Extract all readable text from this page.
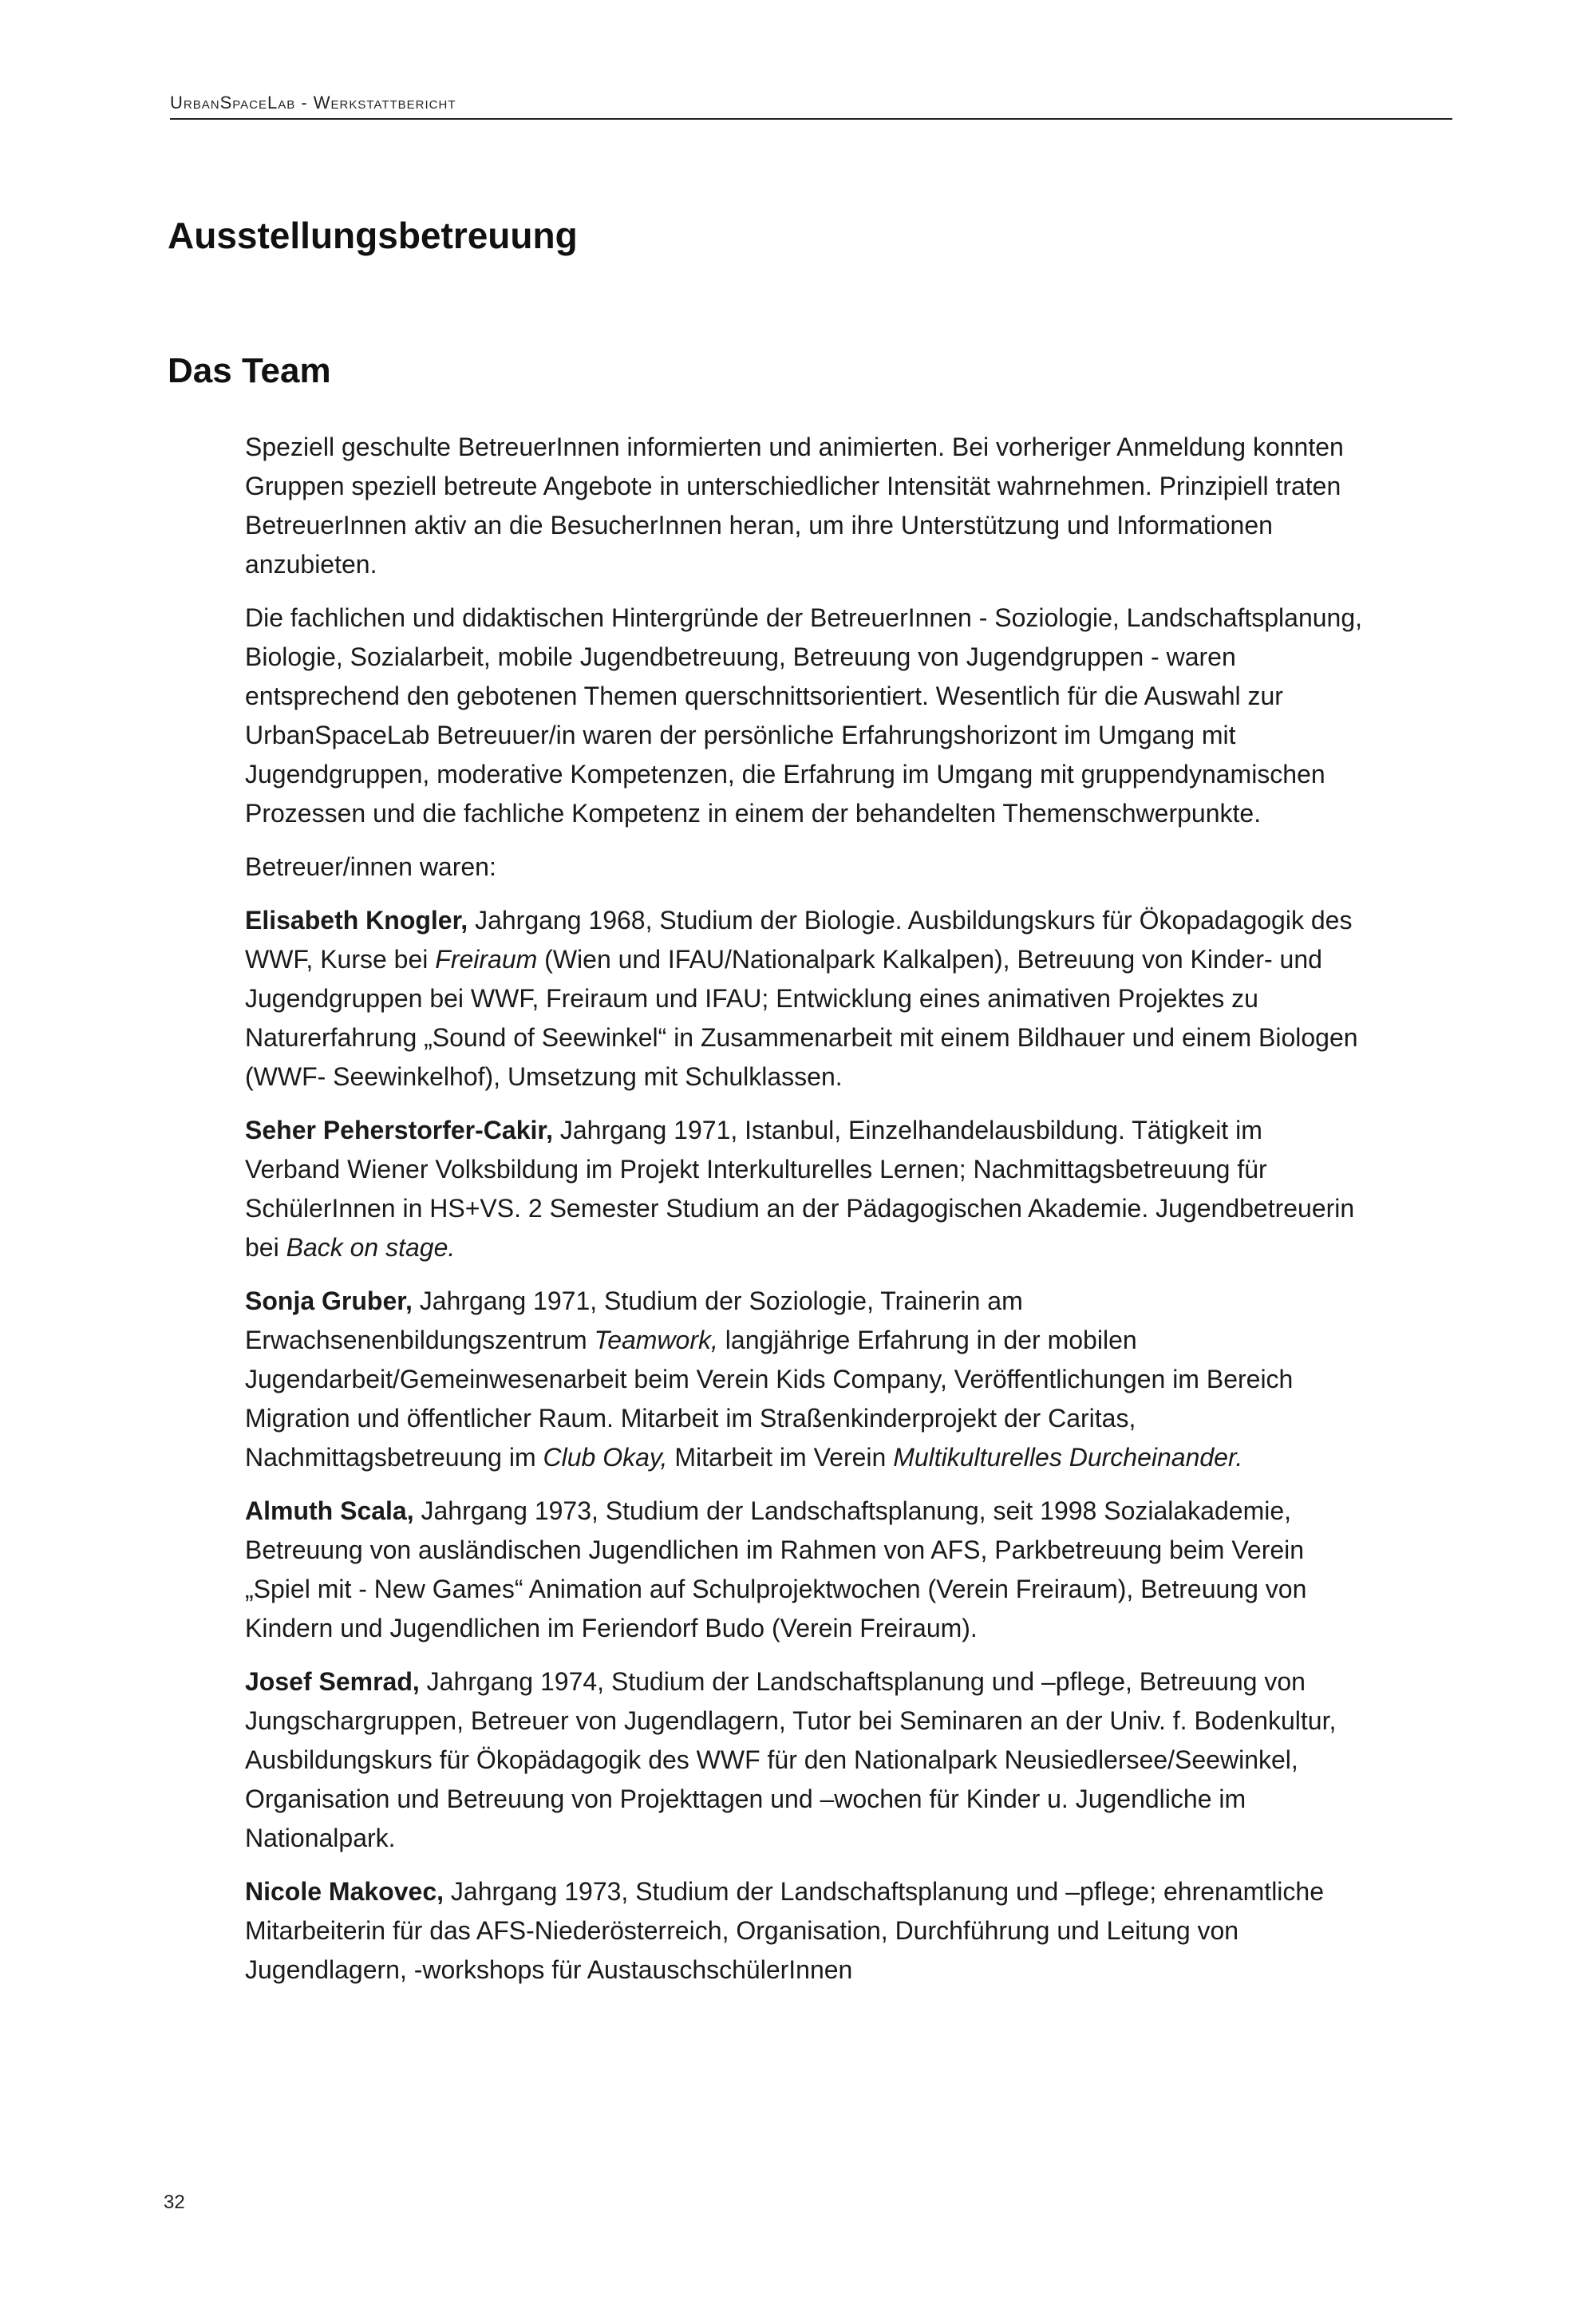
UrbanSpaceLab - Werkstattbericht
Ausstellungsbetreuung
Das Team

Speziell geschulte BetreuerInnen informierten und animierten. Bei vorheriger Anmeldung konnten Gruppen speziell betreute Angebote in unterschiedlicher Intensität wahrnehmen. Prinzipiell traten BetreuerInnen aktiv an die BesucherInnen heran, um ihre Unterstützung und Informationen anzubieten.

Die fachlichen und didaktischen Hintergründe der BetreuerInnen - Soziologie, Landschaftsplanung, Biologie, Sozialarbeit, mobile Jugendbetreuung, Betreuung von Jugendgruppen - waren entsprechend den gebotenen Themen querschnittsorientiert. Wesentlich für die Auswahl zur UrbanSpaceLab Betreuuer/in waren der persönliche Erfahrungshorizont im Umgang mit Jugendgruppen, moderative Kompetenzen, die Erfahrung im Umgang mit gruppendynamischen Prozessen und die fachliche Kompetenz in einem der behandelten Themenschwerpunkte.

Betreuer/innen waren:

Elisabeth Knogler, Jahrgang 1968, Studium der Biologie. Ausbildungskurs für Ökopadagogik des WWF, Kurse bei Freiraum (Wien und IFAU/Nationalpark Kalkalpen), Betreuung von Kinder- und Jugendgruppen bei WWF, Freiraum und IFAU; Entwicklung eines animativen Projektes zu Naturerfahrung „Sound of Seewinkel“ in Zusammenarbeit mit einem Bildhauer und einem Biologen (WWF- Seewinkelhof), Umsetzung mit Schulklassen.

Seher Peherstorfer-Cakir, Jahrgang 1971, Istanbul, Einzelhandelausbildung. Tätigkeit im Verband Wiener Volksbildung im Projekt Interkulturelles Lernen; Nachmittagsbetreuung für SchülerInnen in HS+VS. 2 Semester Studium an der Pädagogischen Akademie. Jugendbetreuerin bei Back on stage.

Sonja Gruber, Jahrgang 1971, Studium der Soziologie, Trainerin am Erwachsenenbildungszentrum Teamwork, langjährige Erfahrung in der mobilen Jugendarbeit/Gemeinwesenarbeit beim Verein Kids Company, Veröffentlichungen im Bereich Migration und öffentlicher Raum. Mitarbeit im Straßenkinderprojekt der Caritas, Nachmittagsbetreuung im Club Okay, Mitarbeit im Verein Multikulturelles Durcheinander.

Almuth Scala, Jahrgang 1973, Studium der Landschaftsplanung, seit 1998 Sozialakademie, Betreuung von ausländischen Jugendlichen im Rahmen von AFS, Parkbetreuung beim Verein „Spiel mit - New Games“ Animation auf Schulprojektwochen (Verein Freiraum), Betreuung von Kindern und Jugendlichen im Feriendorf Budo (Verein Freiraum).

Josef Semrad, Jahrgang 1974, Studium der Landschaftsplanung und –pflege, Betreuung von Jungschargruppen, Betreuer von Jugendlagern, Tutor bei Seminaren an der Univ. f. Bodenkultur, Ausbildungskurs für Ökopädagogik des WWF für den Nationalpark Neusiedlersee/Seewinkel, Organisation und Betreuung von Projekttagen und –wochen für Kinder u. Jugendliche im Nationalpark.

Nicole Makovec, Jahrgang 1973, Studium der Landschaftsplanung und –pflege; ehrenamtliche Mitarbeiterin für das AFS-Niederösterreich, Organisation, Durchführung und Leitung von Jugendlagern, -workshops für AustauschschülerInnen

32
